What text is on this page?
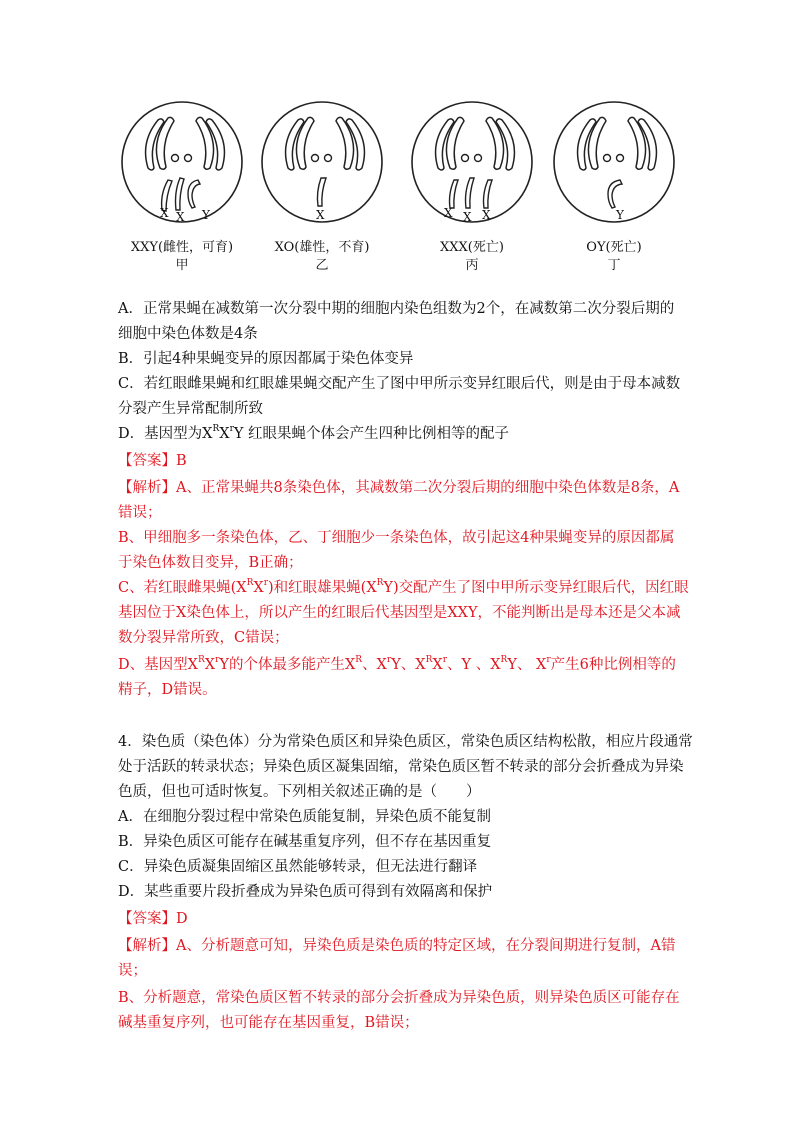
X X Y
XXY(雌性，可育)
甲
X
XO(雄性，不育)
乙
X X X
XXX(死亡)
丙
Y
OY(死亡)
丁
A．正常果蝇在减数第一次分裂中期的细胞内染色组数为2个，在减数第二次分裂后期的
细胞中染色体数是4条
B．引起4种果蝇变异的原因都属于染色体变异
C．若红眼雌果蝇和红眼雄果蝇交配产生了图中甲所示变异红眼后代，则是由于母本减数
分裂产生异常配制所致
D．基因型为$X^RX^rY$ 红眼果蝇个体会产生四种比例相等的配子
【答案】B
【解析】A、正常果蝇共8条染色体，其减数第二次分裂后期的细胞中染色体数是8条，A
错误；
B、甲细胞多一条染色体，乙、丁细胞少一条染色体，故引起这4种果蝇变异的原因都属
于染色体数目变异，B正确；
C、若红眼雌果蝇$(X^RX^r)$和红眼雄果蝇$(X^RY)$交配产生了图中甲所示变异红眼后代，因红眼
基因位于X染色体上，所以产生的红眼后代基因型是XXY，不能判断出是母本还是父本减
数分裂异常所致，C错误；
D、基因型$X^RX^rY$的个体最多能产生$X^R$、$X^rY$、$X^RX^r$、Y 、$X^RY$、 $X^r$产生6种比例相等的
精子，D错误。
4．染色质（染色体）分为常染色质区和异染色质区，常染色质区结构松散，相应片段通常
处于活跃的转录状态；异染色质区凝集固缩，常染色质区暂不转录的部分会折叠成为异染
色质，但也可适时恢复。下列相关叙述正确的是（　　）
A．在细胞分裂过程中常染色质能复制，异染色质不能复制
B．异染色质区可能存在碱基重复序列，但不存在基因重复
C．异染色质凝集固缩区虽然能够转录，但无法进行翻译
D．某些重要片段折叠成为异染色质可得到有效隔离和保护
【答案】D
【解析】A、分析题意可知，异染色质是染色质的特定区域，在分裂间期进行复制，A错
误；
B、分析题意，常染色质区暂不转录的部分会折叠成为异染色质，则异染色质区可能存在
碱基重复序列，也可能存在基因重复，B错误；
